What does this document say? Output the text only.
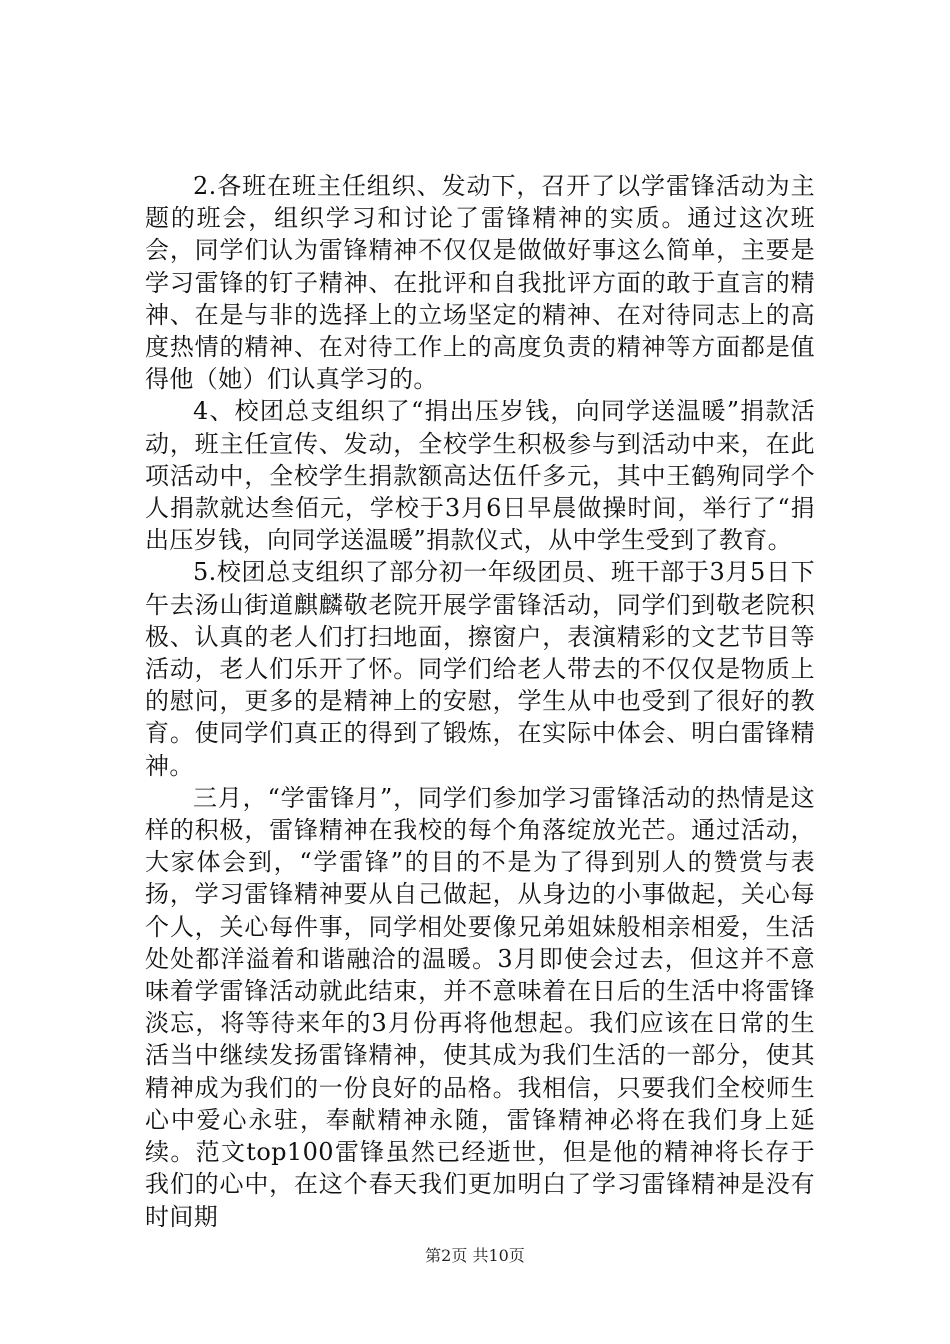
2.各班在班主任组织、发动下，召开了以学雷锋活动为主题的班会，组织学习和讨论了雷锋精神的实质。通过这次班会，同学们认为雷锋精神不仅仅是做做好事这么简单，主要是学习雷锋的钉子精神、在批评和自我批评方面的敢于直言的精神、在是与非的选择上的立场坚定的精神、在对待同志上的高度热情的精神、在对待工作上的高度负责的精神等方面都是值得他（她）们认真学习的。

4、校团总支组织了“捐出压岁钱，向同学送温暖”捐款活动，班主任宣传、发动，全校学生积极参与到活动中来，在此项活动中，全校学生捐款额高达伍仟多元，其中王鹤殉同学个人捐款就达叁佰元，学校于3月6日早晨做操时间，举行了“捐出压岁钱，向同学送温暖”捐款仪式，从中学生受到了教育。

5.校团总支组织了部分初一年级团员、班干部于3月5日下午去汤山街道麒麟敬老院开展学雷锋活动，同学们到敬老院积极、认真的老人们打扫地面，擦窗户，表演精彩的文艺节目等活动，老人们乐开了怀。同学们给老人带去的不仅仅是物质上的慰问，更多的是精神上的安慰，学生从中也受到了很好的教育。使同学们真正的得到了锻炼，在实际中体会、明白雷锋精神。

三月，“学雷锋月”，同学们参加学习雷锋活动的热情是这样的积极，雷锋精神在我校的每个角落绽放光芒。通过活动，大家体会到，“学雷锋”的目的不是为了得到别人的赞赏与表扬，学习雷锋精神要从自己做起，从身边的小事做起，关心每个人，关心每件事，同学相处要像兄弟姐妹般相亲相爱，生活处处都洋溢着和谐融洽的温暖。3月即使会过去，但这并不意味着学雷锋活动就此结束，并不意味着在日后的生活中将雷锋淡忘，将等待来年的3月份再将他想起。我们应该在日常的生活当中继续发扬雷锋精神，使其成为我们生活的一部分，使其精神成为我们的一份良好的品格。我相信，只要我们全校师生心中爱心永驻，奉献精神永随，雷锋精神必将在我们身上延续。范文top100雷锋虽然已经逝世，但是他的精神将长存于我们的心中，在这个春天我们更加明白了学习雷锋精神是没有时间期

第2页 共10页
